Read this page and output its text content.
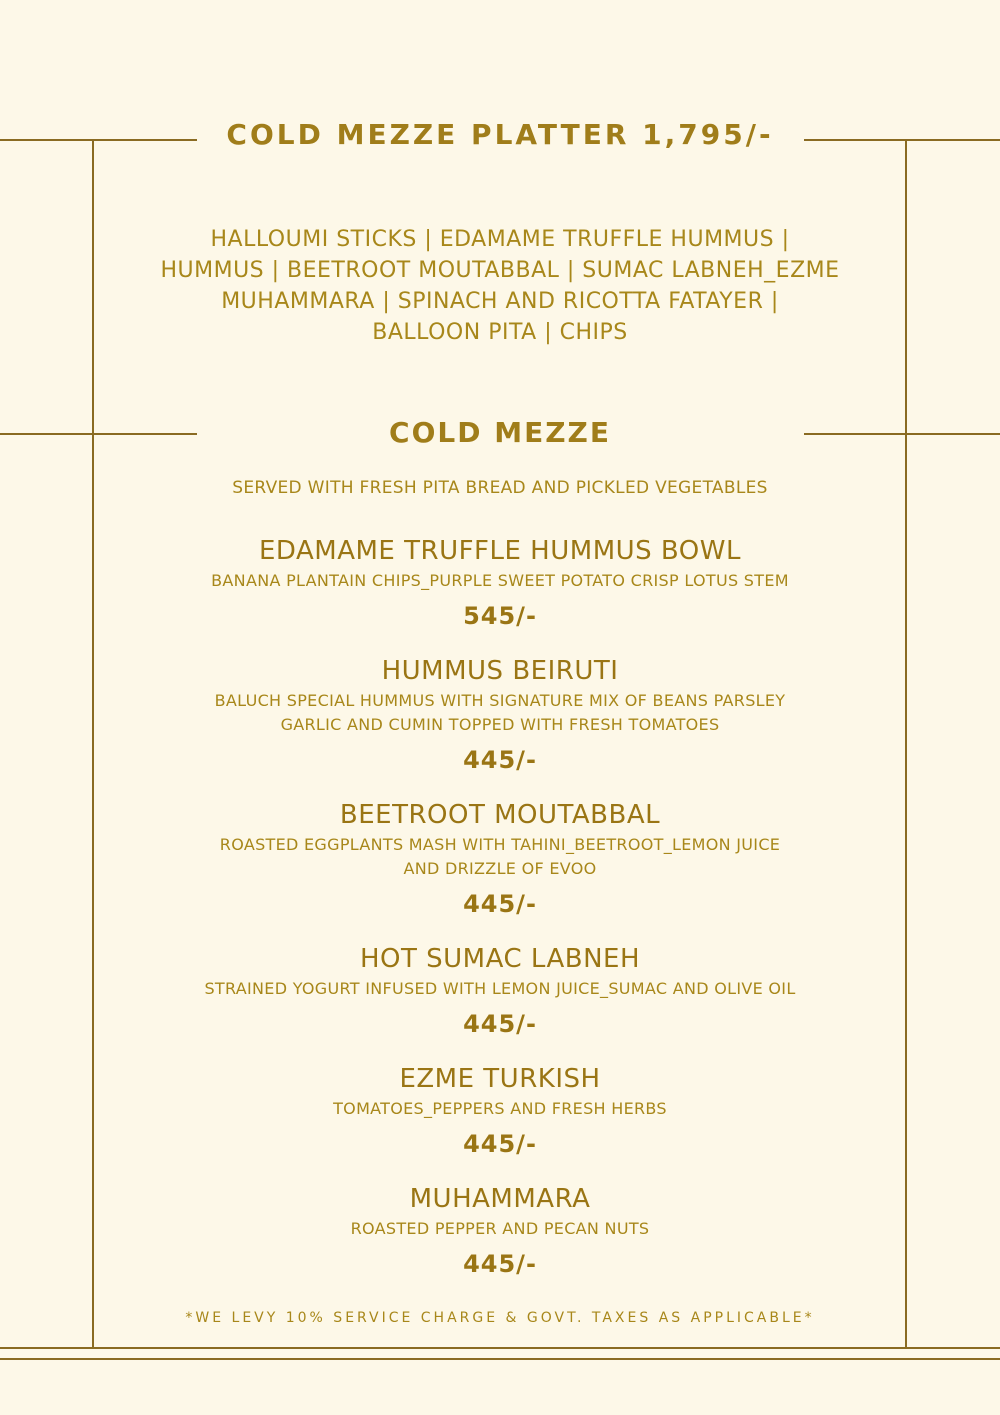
COLD MEZZE PLATTER 1,795/-
HALLOUMI STICKS | EDAMAME TRUFFLE HUMMUS |
HUMMUS | BEETROOT MOUTABBAL | SUMAC LABNEH_EZME
MUHAMMARA | SPINACH AND RICOTTA FATAYER |
BALLOON PITA | CHIPS
COLD MEZZE
SERVED WITH FRESH PITA BREAD AND PICKLED VEGETABLES
EDAMAME TRUFFLE HUMMUS BOWL
BANANA PLANTAIN CHIPS_PURPLE SWEET POTATO CRISP LOTUS STEM
545/-
HUMMUS BEIRUTI
BALUCH SPECIAL HUMMUS WITH SIGNATURE MIX OF BEANS PARSLEY
GARLIC AND CUMIN TOPPED WITH FRESH TOMATOES
445/-
BEETROOT MOUTABBAL
ROASTED EGGPLANTS MASH WITH TAHINI_BEETROOT_LEMON JUICE
AND DRIZZLE OF EVOO
445/-
HOT SUMAC LABNEH
STRAINED YOGURT INFUSED WITH LEMON JUICE_SUMAC AND OLIVE OIL
445/-
EZME TURKISH
TOMATOES_PEPPERS AND FRESH HERBS
445/-
MUHAMMARA
ROASTED PEPPER AND PECAN NUTS
445/-
*WE LEVY 10% SERVICE CHARGE & GOVT. TAXES AS APPLICABLE*
